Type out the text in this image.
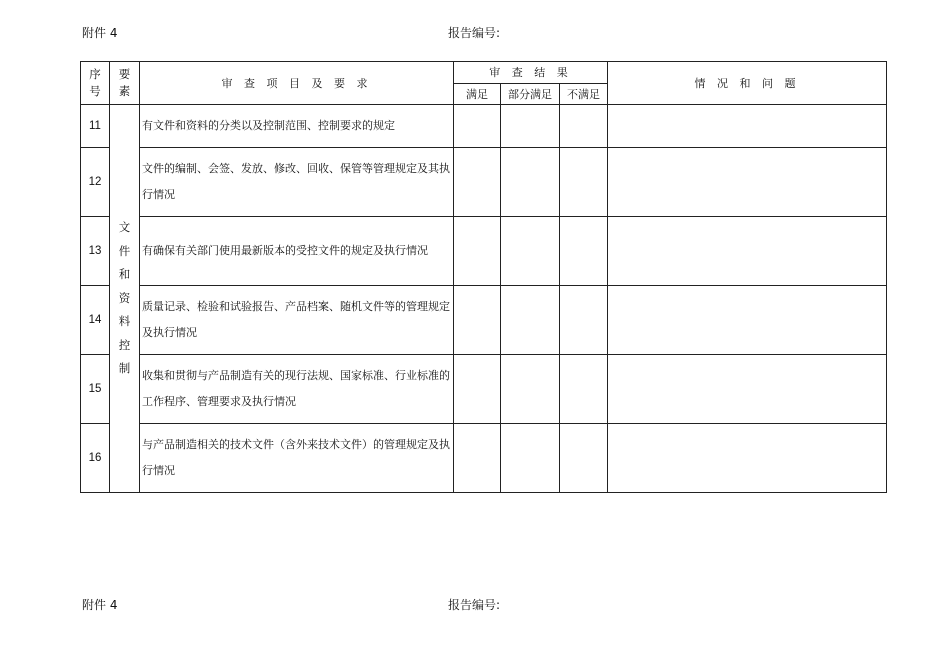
附件 4	报告编号:
序号	要素	审 查 项 目 及 要 求	审 查 结 果			情 况 和 问 题
			满足	部分满足	不满足	
11	文件和资料控制	有文件和资料的分类以及控制范围、控制要求的规定				

12		文件的编制、会签、发放、修改、回收、保管等管理规定及其执行情况				

13		有确保有关部门使用最新版本的受控文件的规定及执行情况				

14		质量记录、检验和试验报告、产品档案、随机文件等的管理规定及执行情况				

15		收集和贯彻与产品制造有关的现行法规、国家标准、行业标准的工作程序、管理要求及执行情况				

16		与产品制造相关的技术文件（含外来技术文件）的管理规定及执行情况				

附件 4	报告编号:
